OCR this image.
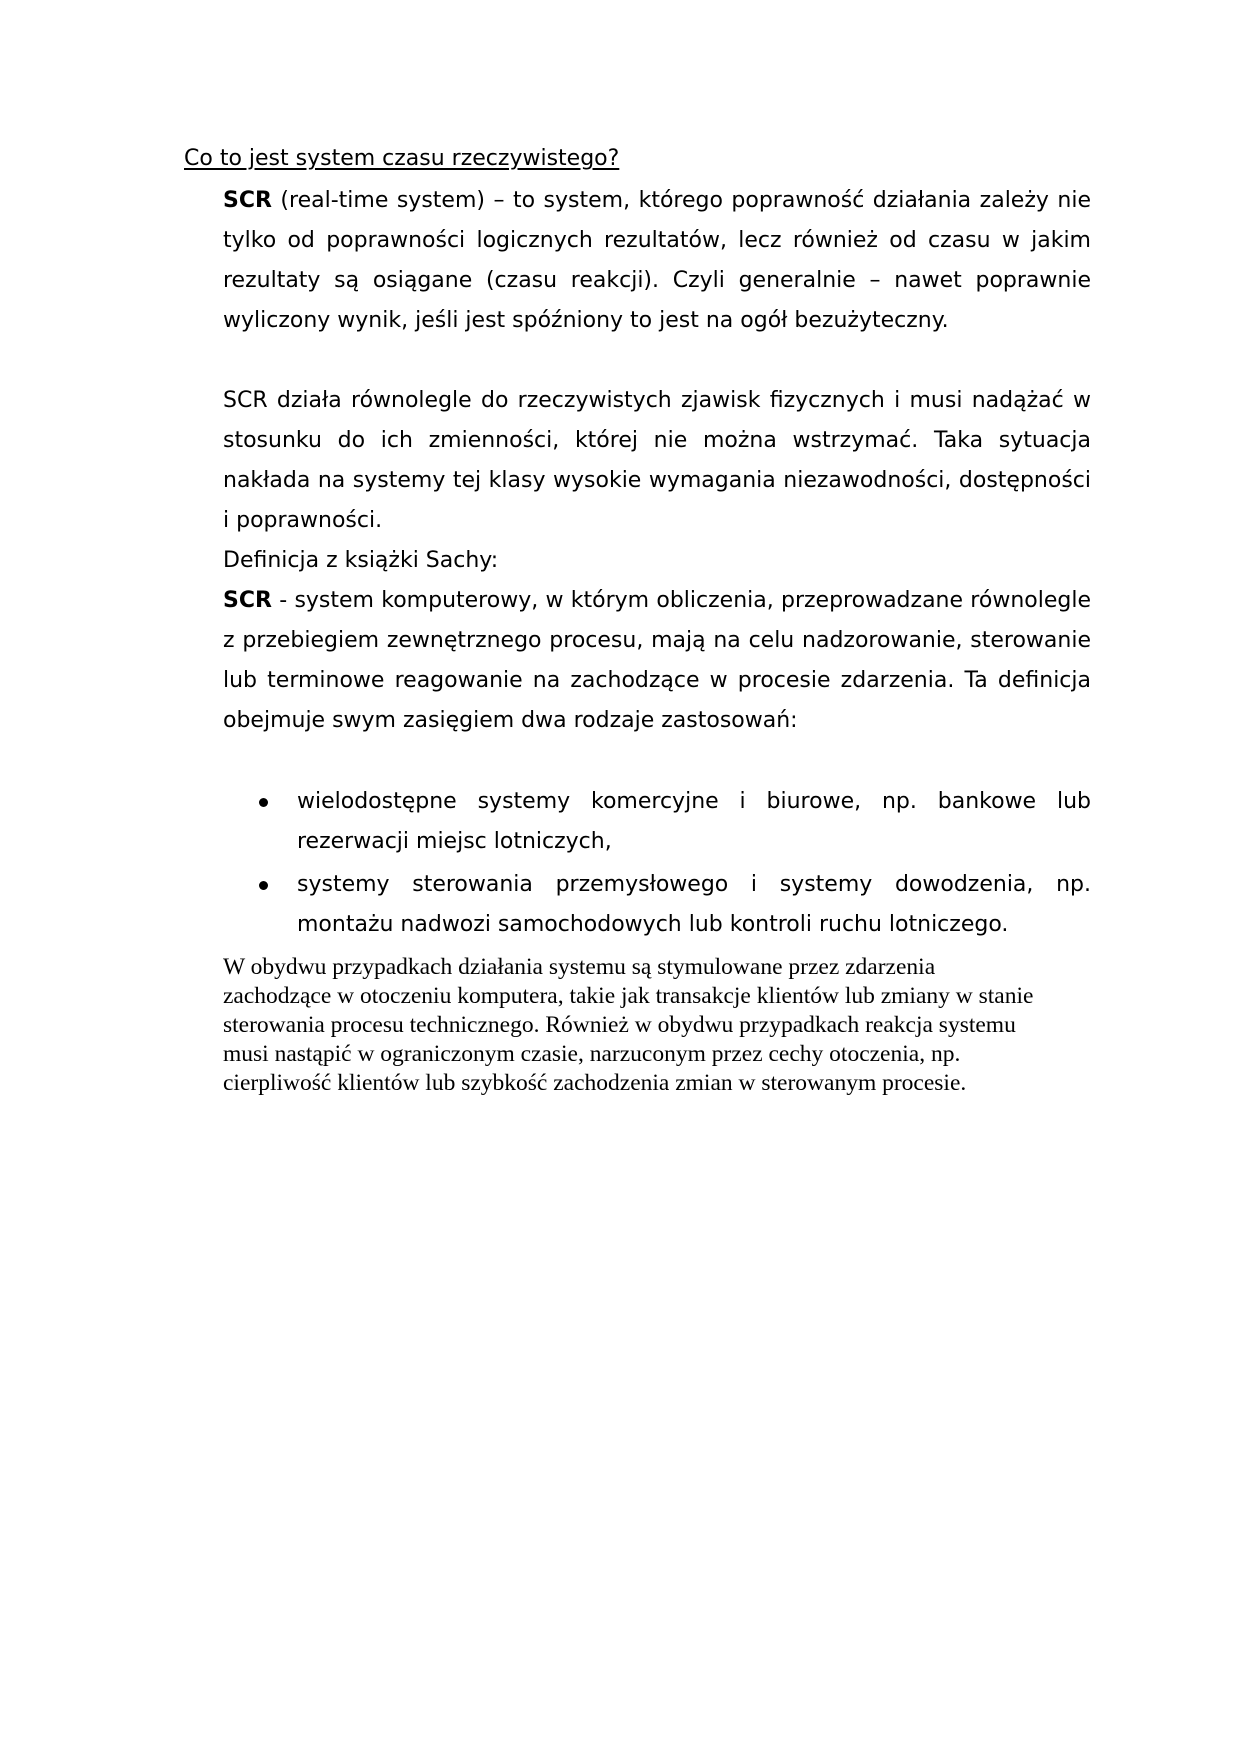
Co to jest system czasu rzeczywistego?

SCR (real-time system) – to system, którego poprawność działania zależy nie tylko od poprawności logicznych rezultatów, lecz również od czasu w jakim rezultaty są osiągane (czasu reakcji). Czyli generalnie – nawet poprawnie wyliczony wynik, jeśli jest spóźniony to jest na ogół bezużyteczny.

SCR działa równolegle do rzeczywistych zjawisk fizycznych i musi nadążać w stosunku do ich zmienności, której nie można wstrzymać. Taka sytuacja nakłada na systemy tej klasy wysokie wymagania niezawodności, dostępności i poprawności.

Definicja z książki Sachy:

SCR - system komputerowy, w którym obliczenia, przeprowadzane równolegle z przebiegiem zewnętrznego procesu, mają na celu nadzorowanie, sterowanie lub terminowe reagowanie na zachodzące w procesie zdarzenia. Ta definicja obejmuje swym zasięgiem dwa rodzaje zastosowań:

wielodostępne systemy komercyjne i biurowe, np. bankowe lub rezerwacji miejsc lotniczych,
systemy sterowania przemysłowego i systemy dowodzenia, np. montażu nadwozi samochodowych lub kontroli ruchu lotniczego.

W obydwu przypadkach działania systemu są stymulowane przez zdarzenia
zachodzące w otoczeniu komputera, takie jak transakcje klientów lub zmiany w stanie
sterowania procesu technicznego. Również w obydwu przypadkach reakcja systemu
musi nastąpić w ograniczonym czasie, narzuconym przez cechy otoczenia, np.
cierpliwość klientów lub szybkość zachodzenia zmian w sterowanym procesie.
